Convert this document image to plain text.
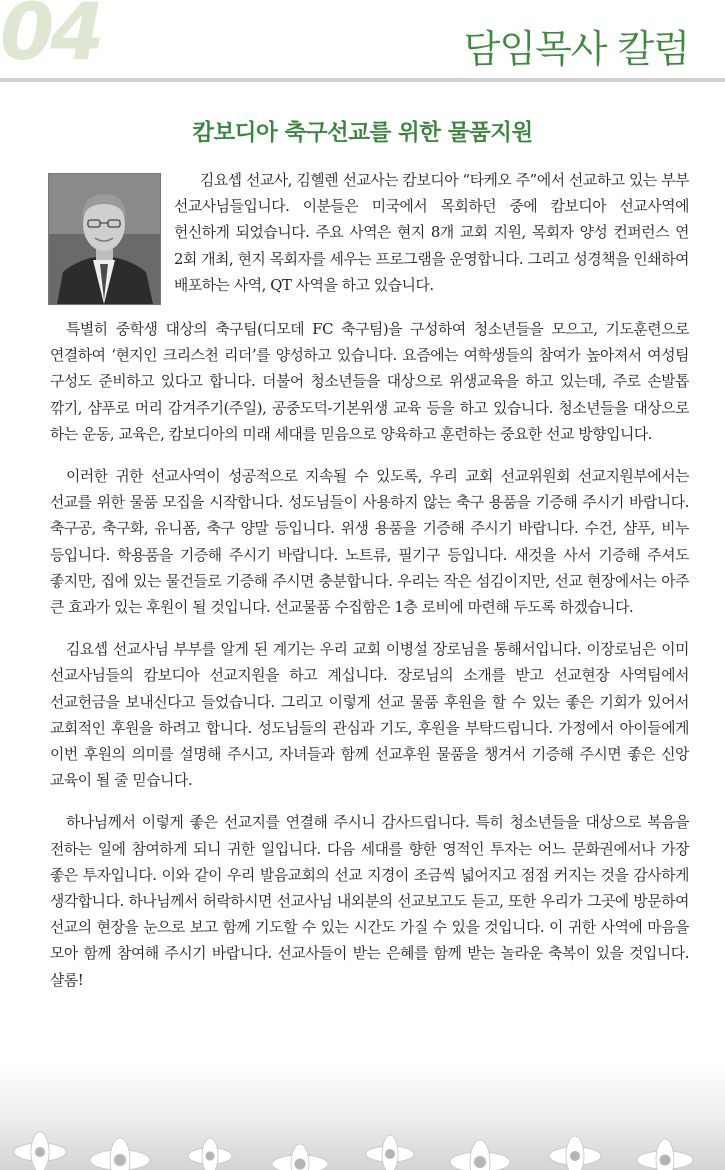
04	담임목사 칼럼
캄보디아 축구선교를 위한 물품지원

김요셉 선교사, 김헬렌 선교사는 캄보디아 “타케오 주”에서 선교하고 있는 부부 선교사님들입니다. 이분들은 미국에서 목회하던 중에 캄보디아 선교사역에 헌신하게 되었습니다. 주요 사역은 현지 8개 교회 지원, 목회자 양성 컨퍼런스 연 2회 개최, 현지 목회자를 세우는 프로그램을 운영합니다. 그리고 성경책을 인쇄하여 배포하는 사역, QT 사역을 하고 있습니다.

특별히 중학생 대상의 축구팀(디모데 FC 축구팀)을 구성하여 청소년들을 모으고, 기도훈련으로 연결하여 ‘현지인 크리스천 리더’를 양성하고 있습니다. 요즘에는 여학생들의 참여가 높아져서 여성팀 구성도 준비하고 있다고 합니다. 더불어 청소년들을 대상으로 위생교육을 하고 있는데, 주로 손발톱 깎기, 샴푸로 머리 감겨주기(주일), 공중도덕-기본위생 교육 등을 하고 있습니다. 청소년들을 대상으로 하는 운동, 교육은, 캄보디아의 미래 세대를 믿음으로 양육하고 훈련하는 중요한 선교 방향입니다.

이러한 귀한 선교사역이 성공적으로 지속될 수 있도록, 우리 교회 선교위원회 선교지원부에서는 선교를 위한 물품 모집을 시작합니다. 성도님들이 사용하지 않는 축구 용품을 기증해 주시기 바랍니다. 축구공, 축구화, 유니폼, 축구 양말 등입니다. 위생 용품을 기증해 주시기 바랍니다. 수건, 샴푸, 비누 등입니다. 학용품을 기증해 주시기 바랍니다. 노트류, 필기구 등입니다. 새것을 사서 기증해 주셔도 좋지만, 집에 있는 물건들로 기증해 주시면 충분합니다. 우리는 작은 섬김이지만, 선교 현장에서는 아주 큰 효과가 있는 후원이 될 것입니다. 선교물품 수집함은 1층 로비에 마련해 두도록 하겠습니다.

김요셉 선교사님 부부를 알게 된 계기는 우리 교회 이병설 장로님을 통해서입니다. 이장로님은 이미 선교사님들의 캄보디아 선교지원을 하고 계십니다. 장로님의 소개를 받고 선교현장 사역팀에서 선교헌금을 보내신다고 들었습니다. 그리고 이렇게 선교 물품 후원을 할 수 있는 좋은 기회가 있어서 교회적인 후원을 하려고 합니다. 성도님들의 관심과 기도, 후원을 부탁드립니다. 가정에서 아이들에게 이번 후원의 의미를 설명해 주시고, 자녀들과 함께 선교후원 물품을 챙겨서 기증해 주시면 좋은 신앙 교육이 될 줄 믿습니다.

하나님께서 이렇게 좋은 선교지를 연결해 주시니 감사드립니다. 특히 청소년들을 대상으로 복음을 전하는 일에 참여하게 되니 귀한 일입니다. 다음 세대를 향한 영적인 투자는 어느 문화권에서나 가장 좋은 투자입니다. 이와 같이 우리 발음교회의 선교 지경이 조금씩 넓어지고 점점 커지는 것을 감사하게 생각합니다. 하나님께서 허락하시면 선교사님 내외분의 선교보고도 듣고, 또한 우리가 그곳에 방문하여 선교의 현장을 눈으로 보고 함께 기도할 수 있는 시간도 가질 수 있을 것입니다. 이 귀한 사역에 마음을 모아 함께 참여해 주시기 바랍니다. 선교사들이 받는 은혜를 함께 받는 놀라운 축복이 있을 것입니다. 샬롬!
